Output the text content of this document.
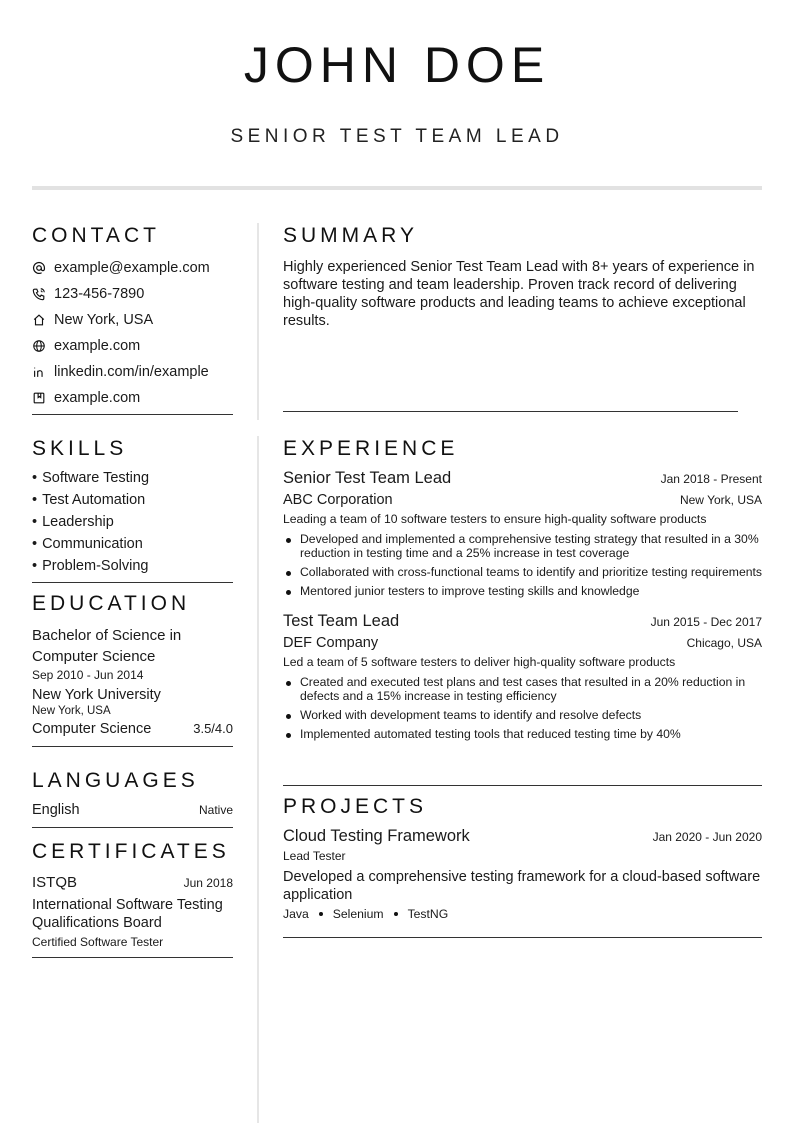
JOHN DOE
SENIOR TEST TEAM LEAD
CONTACT
example@example.com
123-456-7890
New York, USA
example.com
linkedin.com/in/example
example.com
SUMMARY
Highly experienced Senior Test Team Lead with 8+ years of experience in software testing and team leadership. Proven track record of delivering high-quality software products and leading teams to achieve exceptional results.
SKILLS
• Software Testing
• Test Automation
• Leadership
• Communication
• Problem-Solving
EDUCATION
Bachelor of Science in Computer Science
Sep 2010 - Jun 2014
New York University
New York, USA
Computer Science	3.5/4.0
LANGUAGES
English	Native
CERTIFICATES
ISTQB	Jun 2018
International Software Testing Qualifications Board
Certified Software Tester
EXPERIENCE
Senior Test Team Lead	Jan 2018 - Present
ABC Corporation	New York, USA
Leading a team of 10 software testers to ensure high-quality software products
Developed and implemented a comprehensive testing strategy that resulted in a 30% reduction in testing time and a 25% increase in test coverage
Collaborated with cross-functional teams to identify and prioritize testing requirements
Mentored junior testers to improve testing skills and knowledge
Test Team Lead	Jun 2015 - Dec 2017
DEF Company	Chicago, USA
Led a team of 5 software testers to deliver high-quality software products
Created and executed test plans and test cases that resulted in a 20% reduction in defects and a 15% increase in testing efficiency
Worked with development teams to identify and resolve defects
Implemented automated testing tools that reduced testing time by 40%
PROJECTS
Cloud Testing Framework	Jan 2020 - Jun 2020
Lead Tester
Developed a comprehensive testing framework for a cloud-based software application
Java Selenium TestNG
